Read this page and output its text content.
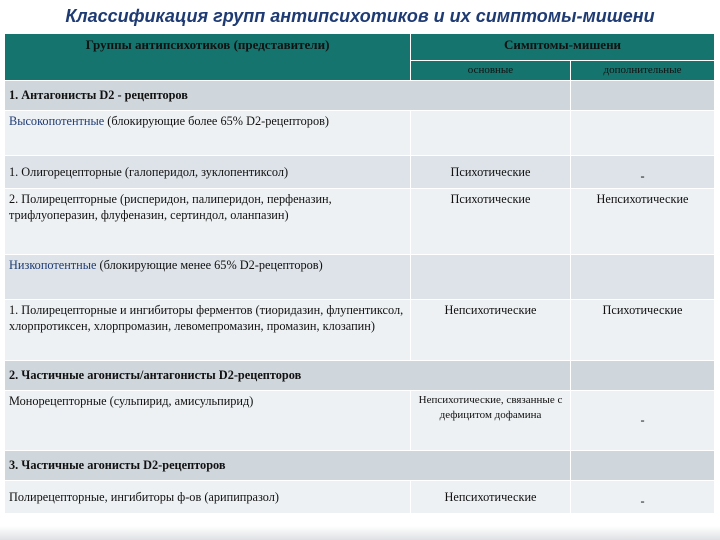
Классификация групп антипсихотиков и их симптомы-мишени
Группы антипсихотиков (представители)	Симптомы-мишени	
	основные	дополнительные
1. Антагонисты D2 - рецепторов		
Высокопотентные (блокирующие более 65% D2-рецепторов)		
1. Олигорецепторные (галоперидол, зуклопентиксол)	Психотические	-
2. Полирецепторные (рисперидон, палиперидон, перфеназин, трифлуоперазин, флуфеназин, сертиндол, оланпазин)	Психотические	Непсихотические
Низкопотентные (блокирующие менее 65% D2-рецепторов)		
1. Полирецепторные и ингибиторы ферментов (тиоридазин, флупентиксол, хлорпротиксен, хлорпромазин, левомепромазин, промазин, клозапин)	Непсихотические	Психотические
2. Частичные агонисты/антагонисты D2-рецепторов		
Монорецепторные (сульпирид, амисульпирид)	Непсихотические, связанные с дефицитом дофамина	-
3. Частичные агонисты D2-рецепторов		
Полирецепторные, ингибиторы ф-ов (арипипразол)	Непсихотические	-
